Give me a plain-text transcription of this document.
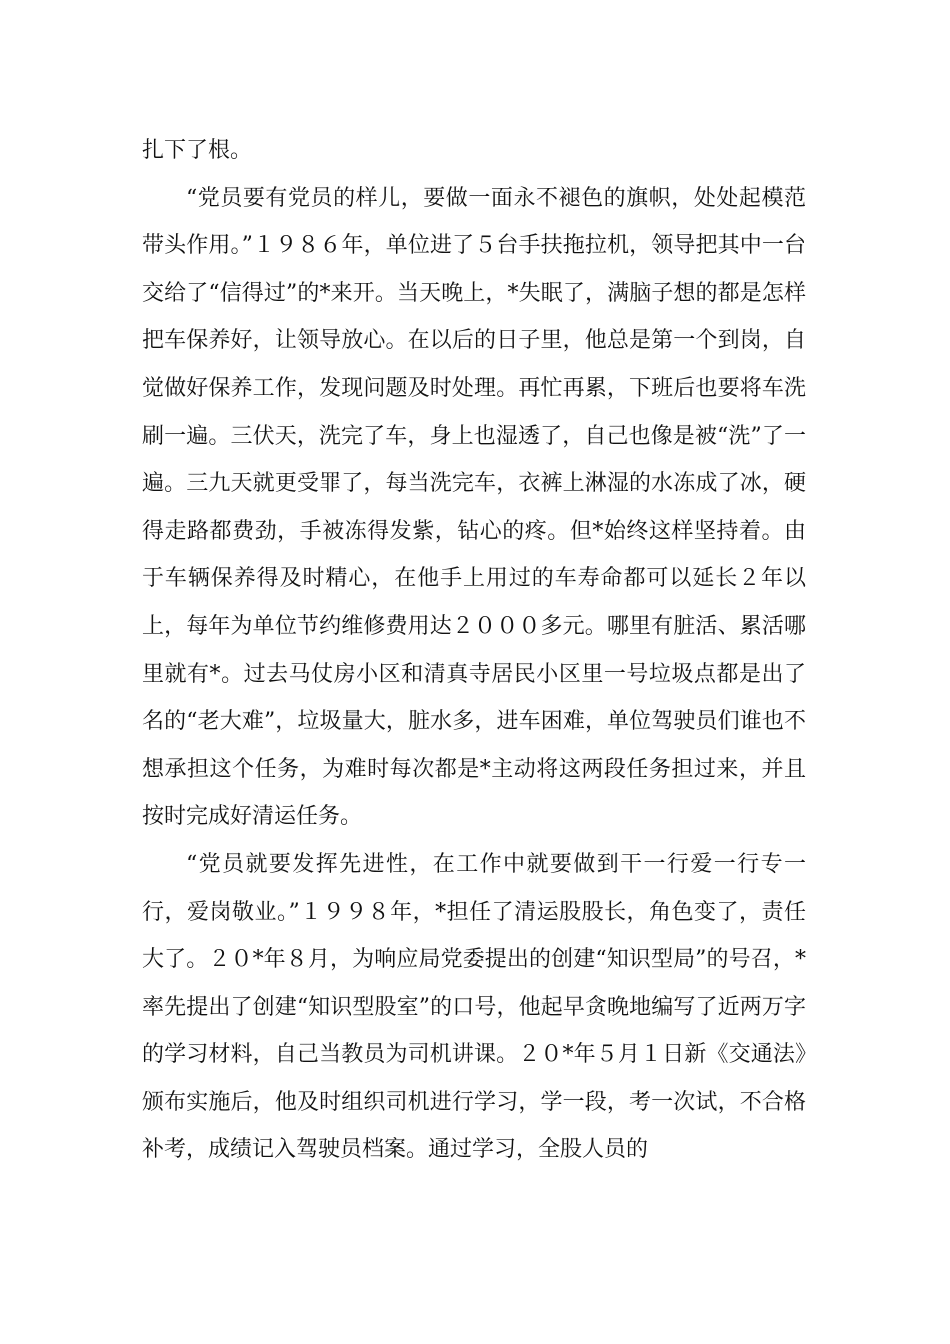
扎下了根。

“党员要有党员的样儿，要做一面永不褪色的旗帜，处处起模范带头作用。”１９８６年，单位进了５台手扶拖拉机，领导把其中一台交给了“信得过”的*来开。当天晚上，*失眠了，满脑子想的都是怎样把车保养好，让领导放心。在以后的日子里，他总是第一个到岗，自觉做好保养工作，发现问题及时处理。再忙再累，下班后也要将车洗刷一遍。三伏天，洗完了车，身上也湿透了，自己也像是被“洗”了一遍。三九天就更受罪了，每当洗完车，衣裤上淋湿的水冻成了冰，硬得走路都费劲，手被冻得发紫，钻心的疼。但*始终这样坚持着。由于车辆保养得及时精心，在他手上用过的车寿命都可以延长２年以上，每年为单位节约维修费用达２０００多元。哪里有脏活、累活哪里就有*。过去马仗房小区和清真寺居民小区里一号垃圾点都是出了名的“老大难”，垃圾量大，脏水多，进车困难，单位驾驶员们谁也不想承担这个任务，为难时每次都是*主动将这两段任务担过来，并且按时完成好清运任务。

“党员就要发挥先进性，在工作中就要做到干一行爱一行专一行，爱岗敬业。”１９９８年，*担任了清运股股长，角色变了，责任大了。２０*年８月，为响应局党委提出的创建“知识型局”的号召，*率先提出了创建“知识型股室”的口号，他起早贪晚地编写了近两万字的学习材料，自己当教员为司机讲课。２０*年５月１日新《交通法》颁布实施后，他及时组织司机进行学习，学一段，考一次试，不合格补考，成绩记入驾驶员档案。通过学习，全股人员的
